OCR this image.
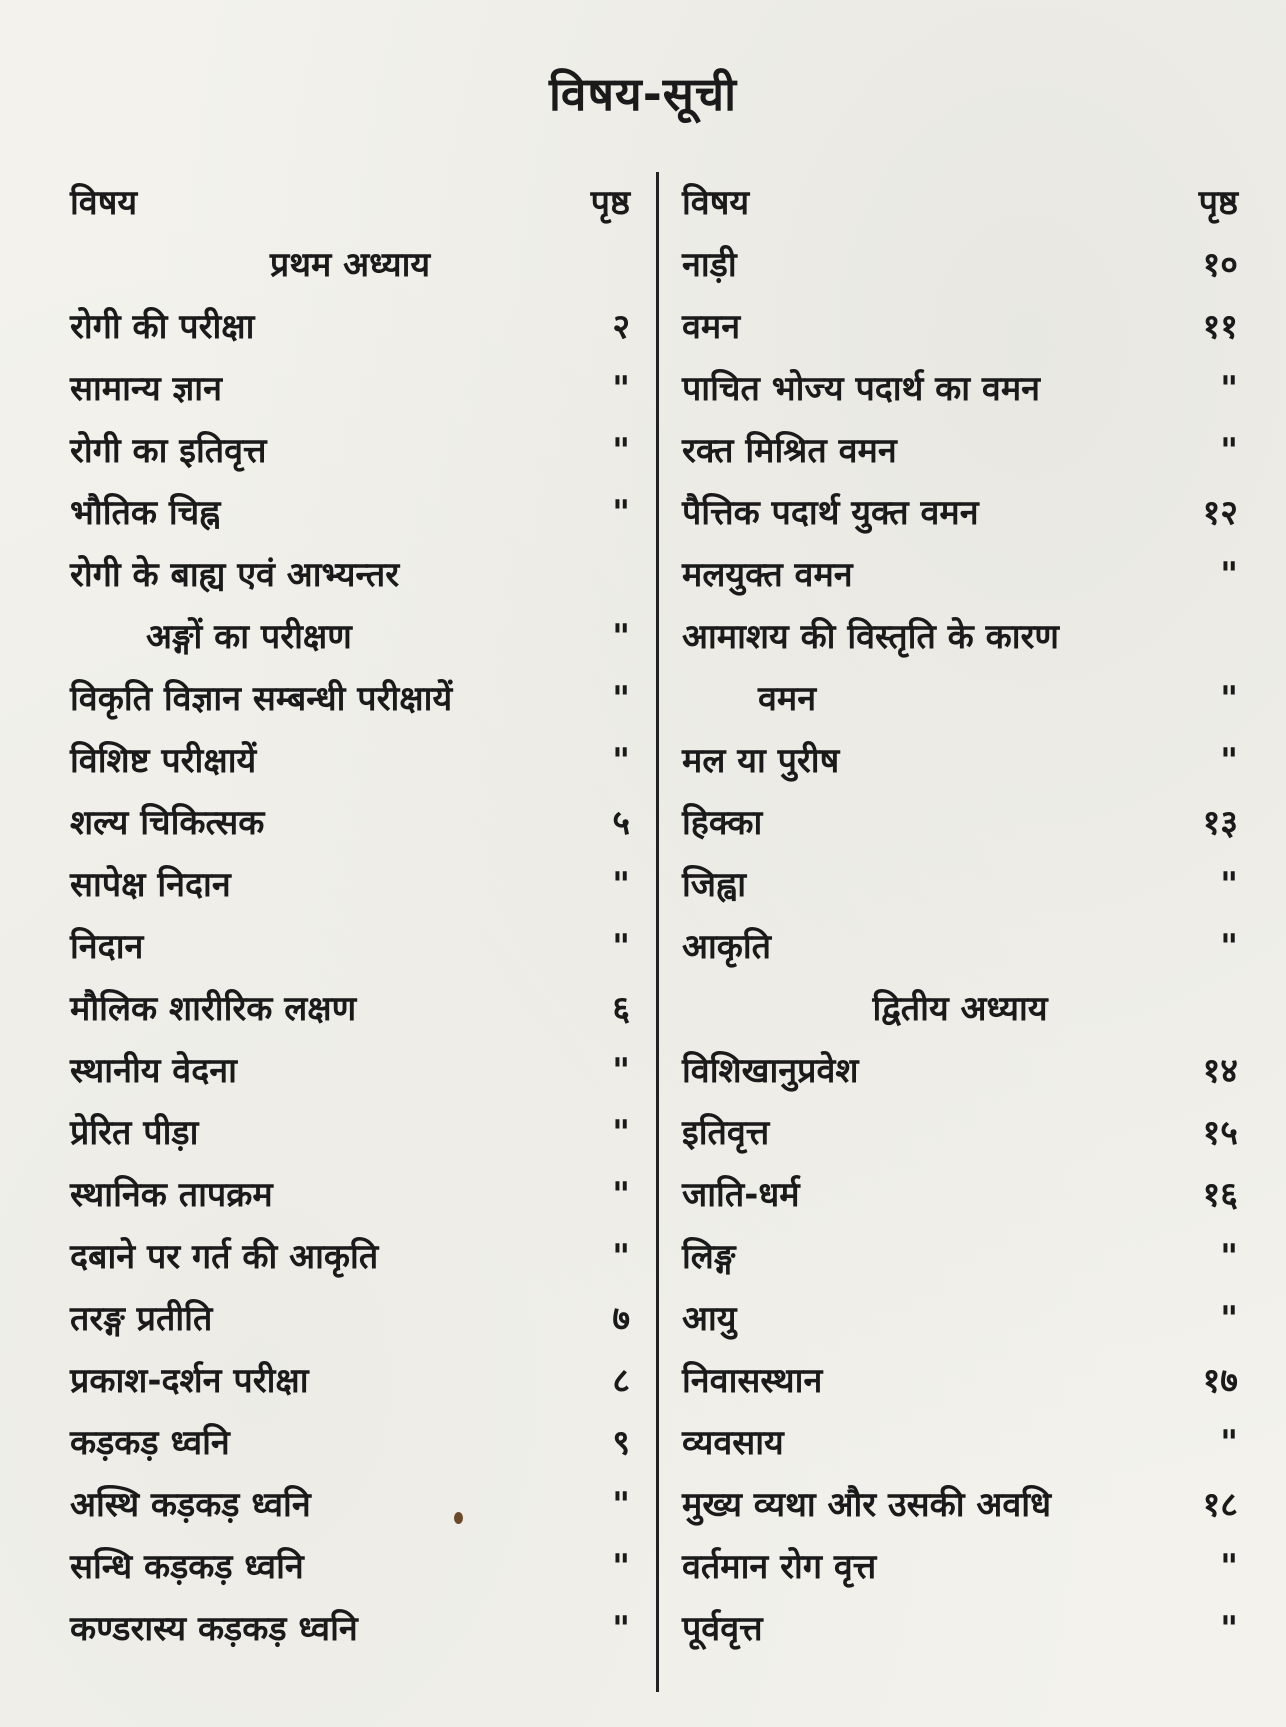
विषय-सूची
विषय	पृष्ठ
प्रथम अध्याय
रोगी की परीक्षा	२
सामान्य ज्ञान	"
रोगी का इतिवृत्त	"
भौतिक चिह्न	"
रोगी के बाह्य एवं आभ्यन्तर
अङ्गों का परीक्षण	"
विकृति विज्ञान सम्बन्धी परीक्षायें	"
विशिष्ट परीक्षायें	"
शल्य चिकित्सक	५
सापेक्ष निदान	"
निदान	"
मौलिक शारीरिक लक्षण	६
स्थानीय वेदना	"
प्रेरित पीड़ा	"
स्थानिक तापक्रम	"
दबाने पर गर्त की आकृति	"
तरङ्ग प्रतीति	७
प्रकाश-दर्शन परीक्षा	८
कड़कड़ ध्वनि	९
अस्थि कड़कड़ ध्वनि	"
सन्धि कड़कड़ ध्वनि	"
कण्डरास्य कड़कड़ ध्वनि	"
विषय	पृष्ठ
नाड़ी	१०
वमन	११
पाचित भोज्य पदार्थ का वमन	"
रक्त मिश्रित वमन	"
पैत्तिक पदार्थ युक्त वमन	१२
मलयुक्त वमन	"
आमाशय की विस्तृति के कारण
वमन	"
मल या पुरीष	"
हिक्का	१३
जिह्वा	"
आकृति	"
द्वितीय अध्याय
विशिखानुप्रवेश	१४
इतिवृत्त	१५
जाति-धर्म	१६
लिङ्ग	"
आयु	"
निवासस्थान	१७
व्यवसाय	"
मुख्य व्यथा और उसकी अवधि	१८
वर्तमान रोग वृत्त	"
पूर्ववृत्त	"
